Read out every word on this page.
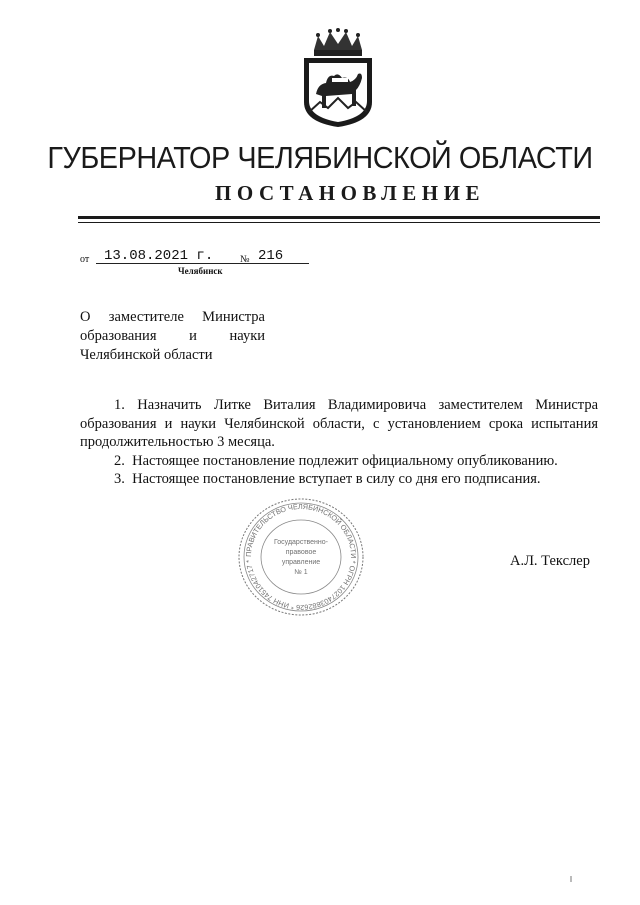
ГУБЕРНАТОР ЧЕЛЯБИНСКОЙ ОБЛАСТИ
ПОСТАНОВЛЕНИЕ
от 13.08.2021 г.	№ 216
Челябинск
О заместителе Министра
образования и науки
Челябинской области

1. Назначить Литке Виталия Владимировича заместителем Министра образования и науки Челябинской области, с установлением срока испытания продолжительностью 3 месяца.

2. Настоящее постановление подлежит официальному опубликованию.

3. Настоящее постановление вступает в силу со дня его подписания.

ПРАВИТЕЛЬСТВО ЧЕЛЯБИНСКОЙ ОБЛАСТИ * ОГРН 1027403882626 * ИНН 7451042717 *
Государственно-
правовое
управление
№ 1
А.Л. Текслер
